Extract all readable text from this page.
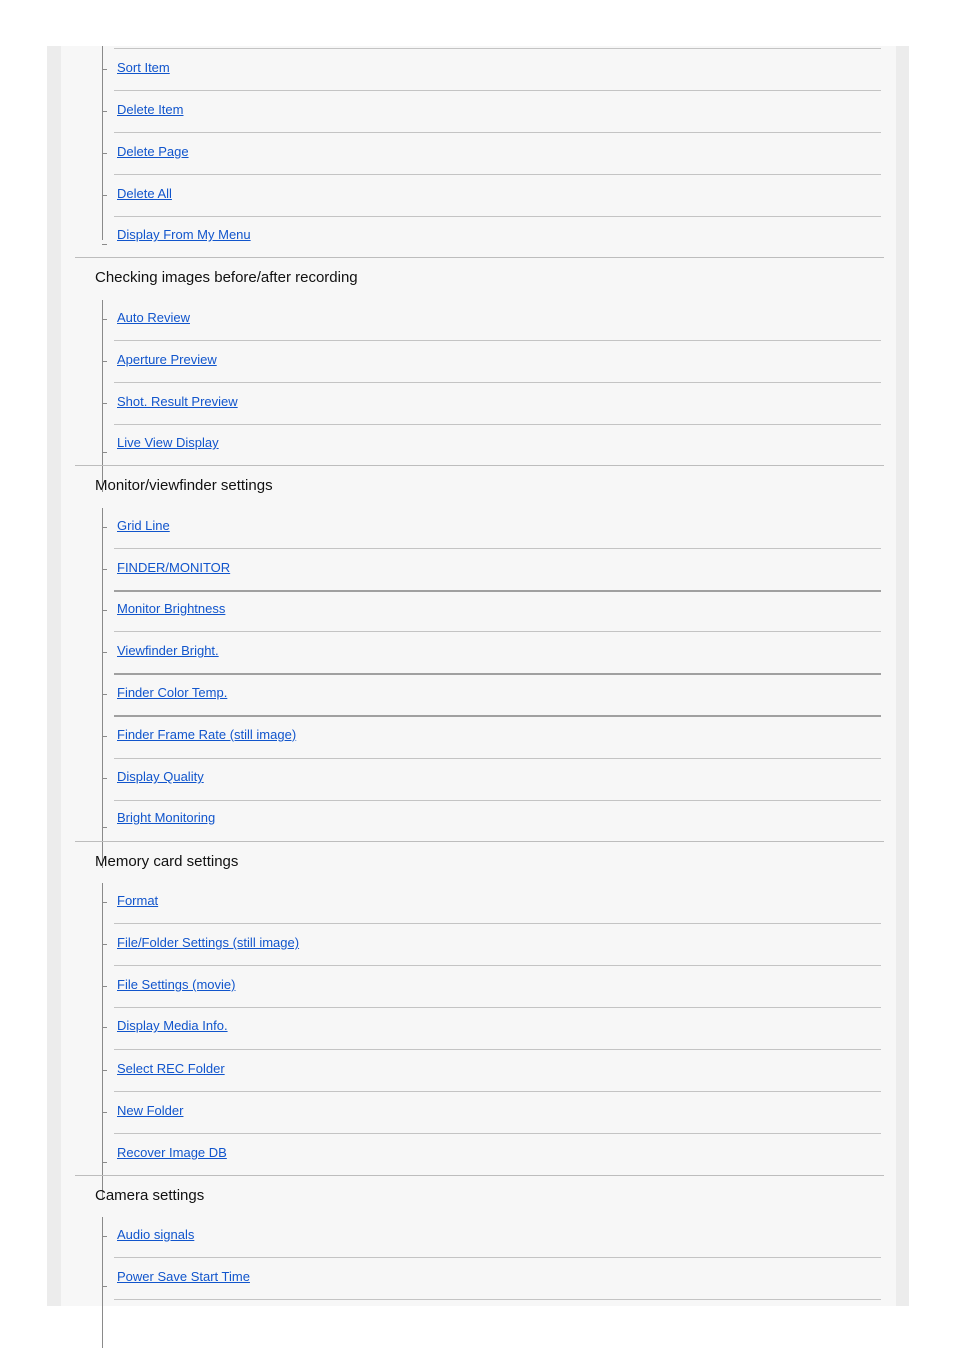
Sort Item
Delete Item
Delete Page
Delete All
Display From My Menu
Checking images before/after recording
Auto Review
Aperture Preview
Shot. Result Preview
Live View Display
Monitor/viewfinder settings
Grid Line
FINDER/MONITOR
Monitor Brightness
Viewfinder Bright.
Finder Color Temp.
Finder Frame Rate (still image)
Display Quality
Bright Monitoring
Memory card settings
Format
File/Folder Settings (still image)
File Settings (movie)
Display Media Info.
Select REC Folder
New Folder
Recover Image DB
Camera settings
Audio signals
Power Save Start Time
